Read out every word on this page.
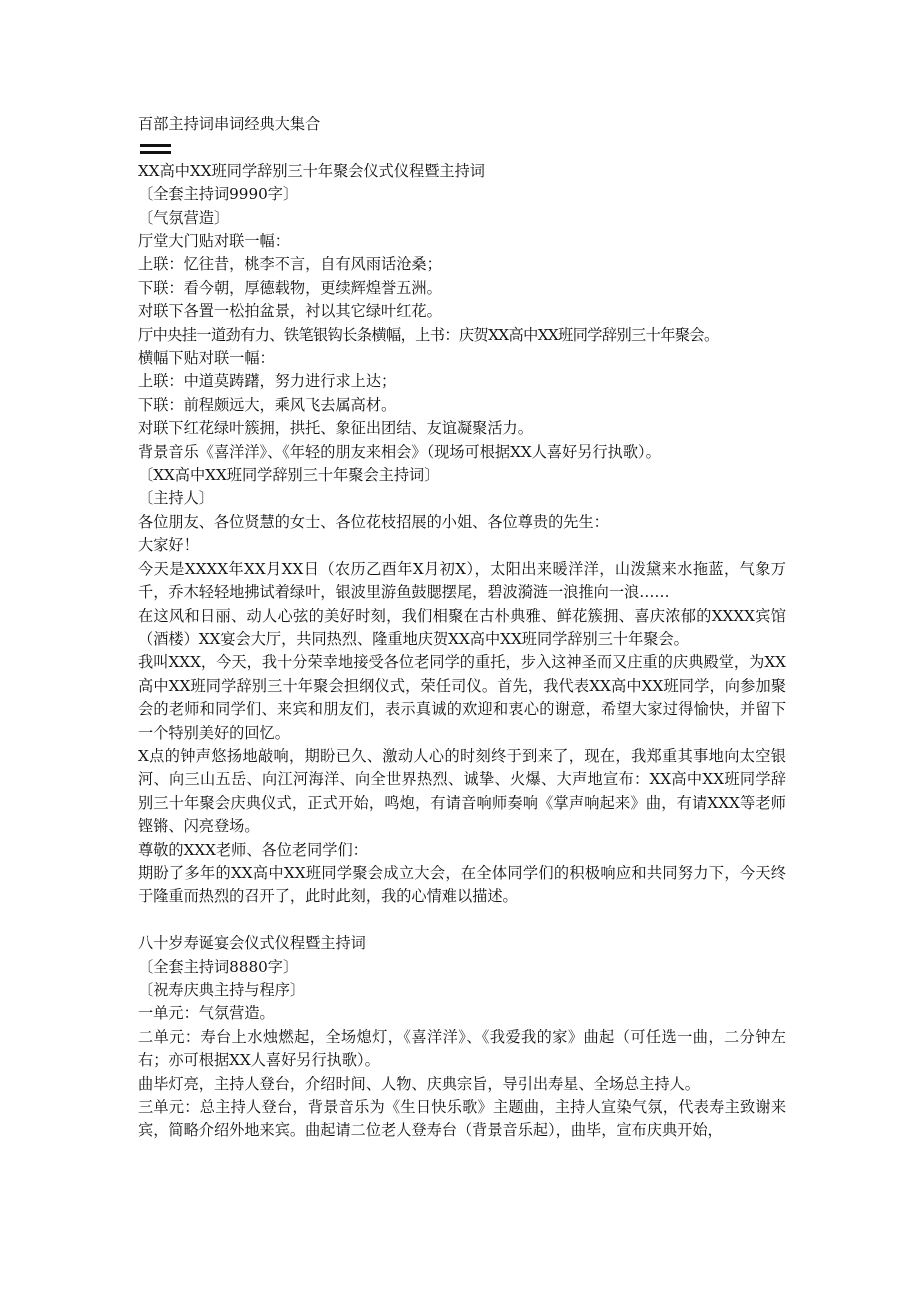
百部主持词串词经典大集合
XX高中XX班同学辞别三十年聚会仪式仪程暨主持词
〔全套主持词9990字〕
〔气氛营造〕
厅堂大门贴对联一幅：
上联：忆往昔，桃李不言，自有风雨话沧桑；
下联：看今朝，厚德载物，更续辉煌誉五洲。
对联下各置一松拍盆景，衬以其它绿叶红花。
厅中央挂一道劲有力、铁笔银钩长条横幅，上书：庆贺XX高中XX班同学辞别三十年聚会。
横幅下贴对联一幅：
上联：中道莫踌躇，努力进行求上达；
下联：前程颇远大，乘风飞去属高材。
对联下红花绿叶簇拥，拱托、象征出团结、友谊凝聚活力。
背景音乐《喜洋洋》、《年轻的朋友来相会》（现场可根据XX人喜好另行执歌）。
〔XX高中XX班同学辞别三十年聚会主持词〕
〔主持人〕
各位朋友、各位贤慧的女士、各位花枝招展的小姐、各位尊贵的先生：
大家好！
今天是XXXX年XX月XX日（农历乙酉年X月初X），太阳出来暖洋洋，山泼黛来水拖蓝，气象万千，乔木轻轻地拂试着绿叶，银波里游鱼鼓腮摆尾，碧波漪涟一浪推向一浪……
在这风和日丽、动人心弦的美好时刻，我们相聚在古朴典雅、鲜花簇拥、喜庆浓郁的XXXX宾馆（酒楼）XX宴会大厅，共同热烈、隆重地庆贺XX高中XX班同学辞别三十年聚会。
我叫XXX，今天，我十分荣幸地接受各位老同学的重托，步入这神圣而又庄重的庆典殿堂，为XX高中XX班同学辞别三十年聚会担纲仪式，荣任司仪。首先，我代表XX高中XX班同学，向参加聚会的老师和同学们、来宾和朋友们，表示真诚的欢迎和衷心的谢意，希望大家过得愉快，并留下一个特别美好的回忆。
X点的钟声悠扬地敲响，期盼已久、激动人心的时刻终于到来了，现在，我郑重其事地向太空银河、向三山五岳、向江河海洋、向全世界热烈、诚挚、火爆、大声地宣布：XX高中XX班同学辞别三十年聚会庆典仪式，正式开始，鸣炮，有请音响师奏响《掌声响起来》曲，有请XXX等老师铿锵、闪亮登场。
尊敬的XXX老师、各位老同学们：
期盼了多年的XX高中XX班同学聚会成立大会，在全体同学们的积极响应和共同努力下，今天终于隆重而热烈的召开了，此时此刻，我的心情难以描述。
八十岁寿诞宴会仪式仪程暨主持词
〔全套主持词8880字〕
〔祝寿庆典主持与程序〕
一单元：气氛营造。
二单元：寿台上水烛燃起，全场熄灯，《喜洋洋》、《我爱我的家》曲起（可任选一曲，二分钟左右；亦可根据XX人喜好另行执歌）。
曲毕灯亮，主持人登台，介绍时间、人物、庆典宗旨，导引出寿星、全场总主持人。
三单元：总主持人登台，背景音乐为《生日快乐歌》主题曲，主持人宣染气氛，代表寿主致谢来宾，简略介绍外地来宾。曲起请二位老人登寿台（背景音乐起），曲毕，宣布庆典开始，
